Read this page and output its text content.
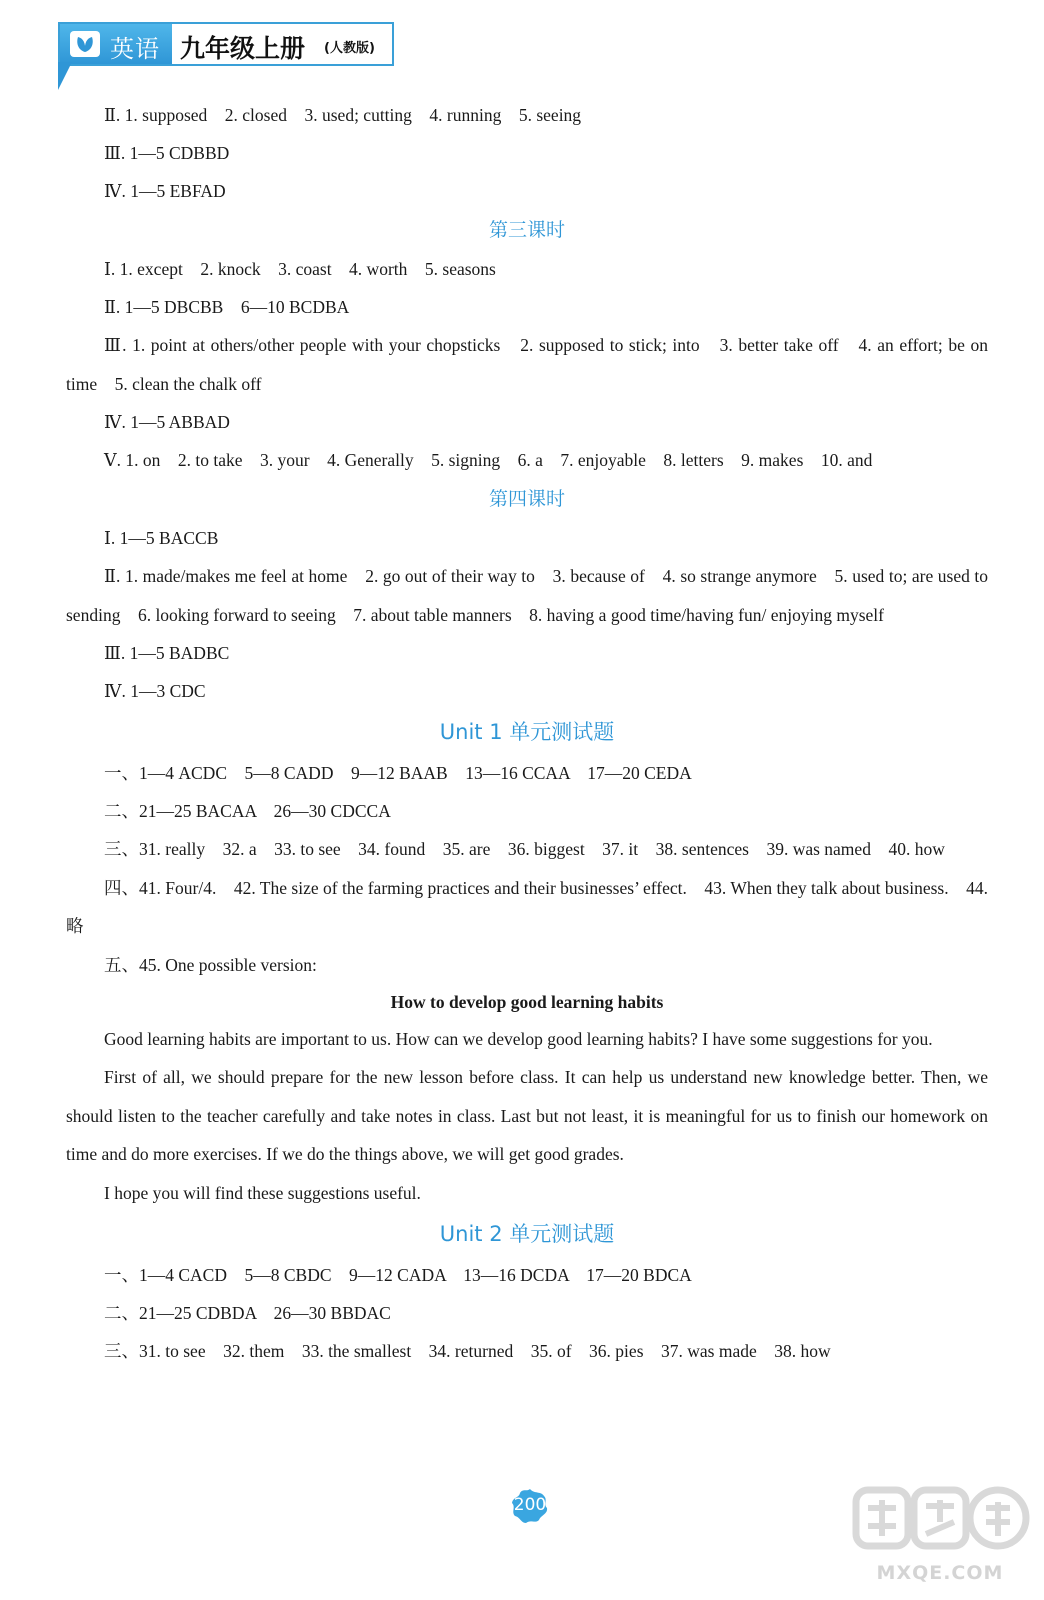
英语 九年级上册 (人教版)
Ⅱ. 1. supposed　2. closed　3. used; cutting　4. running　5. seeing
Ⅲ. 1—5 CDBBD
Ⅳ. 1—5 EBFAD
第三课时
Ⅰ. 1. except　2. knock　3. coast　4. worth　5. seasons
Ⅱ. 1—5 DBCBB　6—10 BCDBA
Ⅲ. 1. point at others/other people with your chopsticks　2. supposed to stick; into　3. better take off　4. an effort; be on time　5. clean the chalk off
Ⅳ. 1—5 ABBAD
Ⅴ. 1. on　2. to take　3. your　4. Generally　5. signing　6. a　7. enjoyable　8. letters　9. makes　10. and
第四课时
Ⅰ. 1—5 BACCB
Ⅱ. 1. made/makes me feel at home　2. go out of their way to　3. because of　4. so strange anymore　5. used to; are used to sending　6. looking forward to seeing　7. about table manners　8. having a good time/having fun/ enjoying myself
Ⅲ. 1—5 BADBC
Ⅳ. 1—3 CDC
Unit 1 单元测试题
一、1—4 ACDC　5—8 CADD　9—12 BAAB　13—16 CCAA　17—20 CEDA
二、21—25 BACAA　26—30 CDCCA
三、31. really　32. a　33. to see　34. found　35. are　36. biggest　37. it　38. sentences　39. was named　40. how
四、41. Four/4.　42. The size of the farming practices and their businesses’ effect.　43. When they talk about business.　44. 略
五、45. One possible version:
How to develop good learning habits
Good learning habits are important to us. How can we develop good learning habits? I have some suggestions for you.
First of all, we should prepare for the new lesson before class. It can help us understand new knowledge better. Then, we should listen to the teacher carefully and take notes in class. Last but not least, it is meaningful for us to finish our homework on time and do more exercises. If we do the things above, we will get good grades.
I hope you will find these suggestions useful.
Unit 2 单元测试题
一、1—4 CACD　5—8 CBDC　9—12 CADA　13—16 DCDA　17—20 BDCA
二、21—25 CDBDA　26—30 BBDAC
三、31. to see　32. them　33. the smallest　34. returned　35. of　36. pies　37. was made　38. how
200
MXQE.COM
